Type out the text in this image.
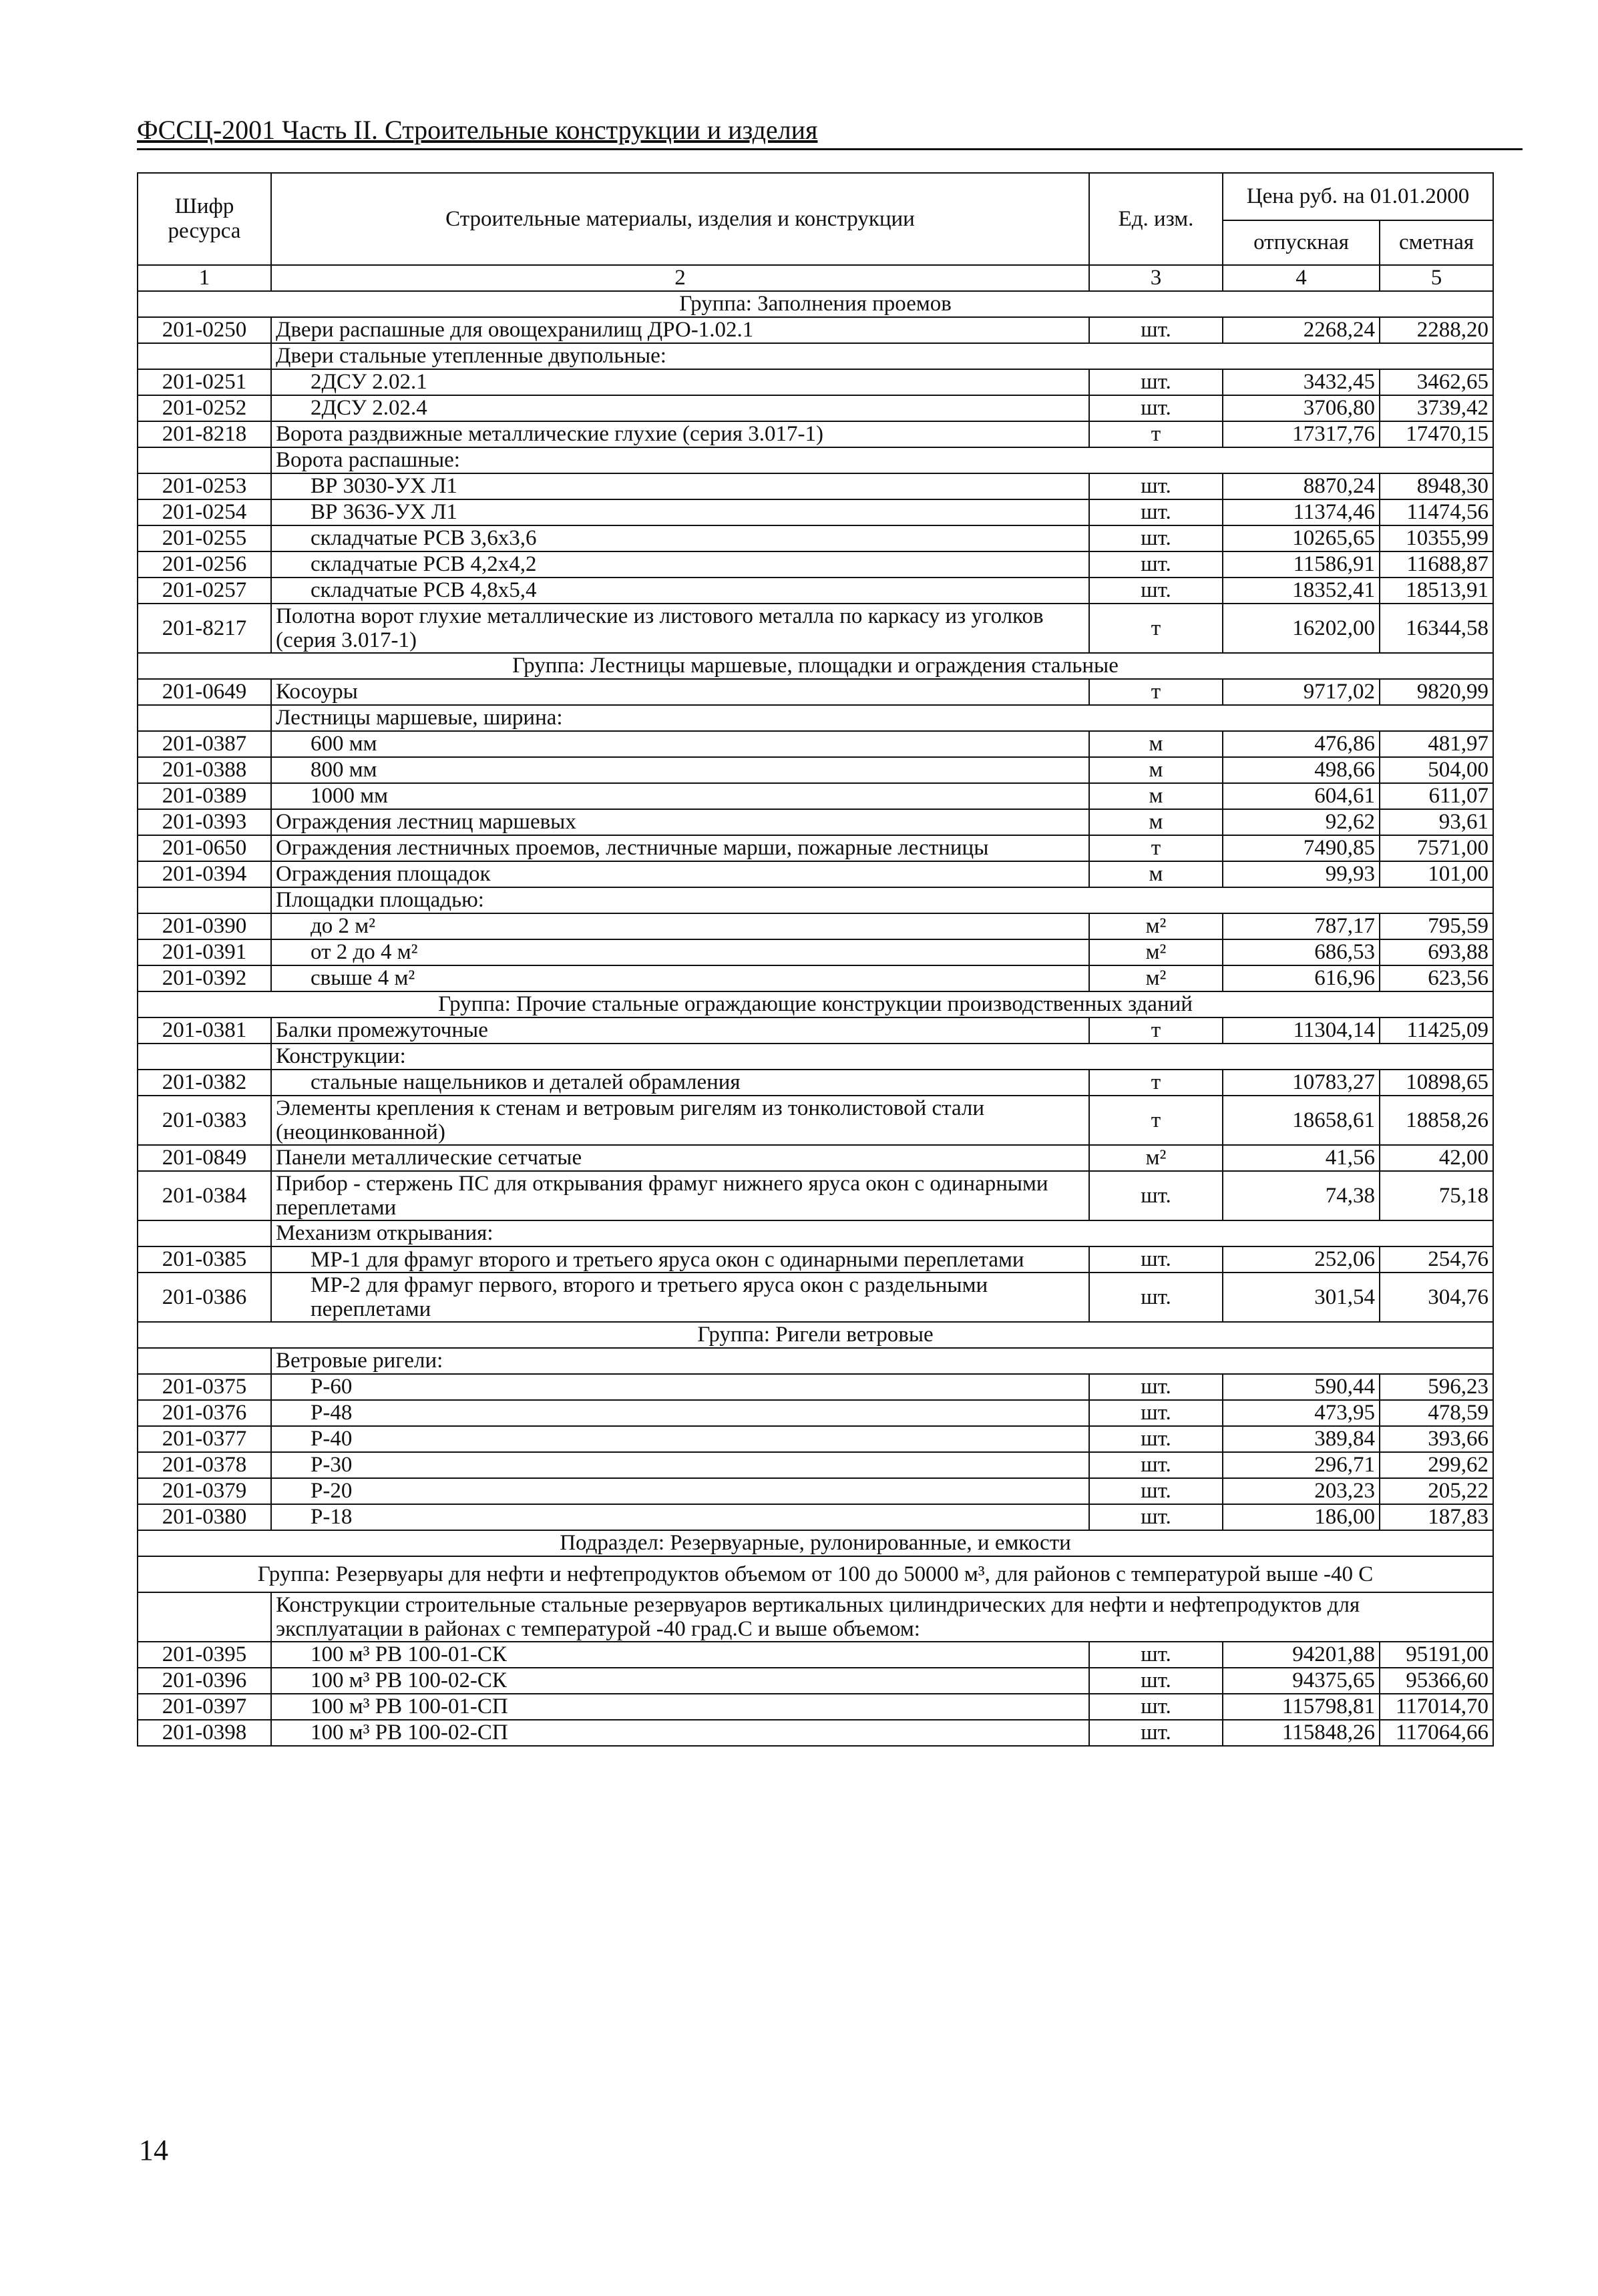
ФССЦ-2001 Часть II. Строительные конструкции и изделия
Шифр ресурса	Строительные материалы, изделия и конструкции	Ед. изм.	Цена руб. на 01.01.2000	
			отпускная	сметная
1	2	3	4	5
Группа: Заполнения проемов				
201-0250	Двери распашные для овощехранилищ ДРО-1.02.1	шт.	2268,24	2288,20
	Двери стальные утепленные двупольные:			
201-0251	2ДСУ 2.02.1	шт.	3432,45	3462,65
201-0252	2ДСУ 2.02.4	шт.	3706,80	3739,42
201-8218	Ворота раздвижные металлические глухие (серия 3.017-1)	т	17317,76	17470,15
	Ворота распашные:			
201-0253	ВР 3030-УХ Л1	шт.	8870,24	8948,30
201-0254	ВР 3636-УХ Л1	шт.	11374,46	11474,56
201-0255	складчатые РСВ 3,6х3,6	шт.	10265,65	10355,99
201-0256	складчатые РСВ 4,2х4,2	шт.	11586,91	11688,87
201-0257	складчатые РСВ 4,8х5,4	шт.	18352,41	18513,91
201-8217	Полотна ворот глухие металлические из листового металла по каркасу из уголков (серия 3.017-1)	т	16202,00	16344,58
Группа: Лестницы маршевые, площадки и ограждения стальные				
201-0649	Косоуры	т	9717,02	9820,99
	Лестницы маршевые, ширина:			
201-0387	600 мм	м	476,86	481,97
201-0388	800 мм	м	498,66	504,00
201-0389	1000 мм	м	604,61	611,07
201-0393	Ограждения лестниц маршевых	м	92,62	93,61
201-0650	Ограждения лестничных проемов, лестничные марши, пожарные лестницы	т	7490,85	7571,00
201-0394	Ограждения площадок	м	99,93	101,00
	Площадки площадью:			
201-0390	до 2 м²	м²	787,17	795,59
201-0391	от 2 до 4 м²	м²	686,53	693,88
201-0392	свыше 4 м²	м²	616,96	623,56
Группа: Прочие стальные ограждающие конструкции производственных зданий				
201-0381	Балки промежуточные	т	11304,14	11425,09
	Конструкции:			
201-0382	стальные нащельников и деталей обрамления	т	10783,27	10898,65
201-0383	Элементы крепления к стенам и ветровым ригелям из тонколистовой стали (неоцинкованной)	т	18658,61	18858,26
201-0849	Панели металлические сетчатые	м²	41,56	42,00
201-0384	Прибор - стержень ПС для открывания фрамуг нижнего яруса окон с одинарными переплетами	шт.	74,38	75,18
	Механизм открывания:			
201-0385	МР-1 для фрамуг второго и третьего яруса окон с одинарными переплетами	шт.	252,06	254,76
201-0386	МР-2 для фрамуг первого, второго и третьего яруса окон с раздельными переплетами	шт.	301,54	304,76
Группа: Ригели ветровые				
	Ветровые ригели:			
201-0375	Р-60	шт.	590,44	596,23
201-0376	Р-48	шт.	473,95	478,59
201-0377	Р-40	шт.	389,84	393,66
201-0378	Р-30	шт.	296,71	299,62
201-0379	Р-20	шт.	203,23	205,22
201-0380	Р-18	шт.	186,00	187,83
Подраздел: Резервуарные, рулонированные, и емкости				
Группа: Резервуары для нефти и нефтепродуктов объемом от 100 до 50000 м³, для районов с температурой выше -40 С				
	Конструкции строительные стальные резервуаров вертикальных цилиндрических для нефти и нефтепродуктов для эксплуатации в районах с температурой -40 град.С и выше объемом:			
201-0395	100 м³ РВ 100-01-СК	шт.	94201,88	95191,00
201-0396	100 м³ РВ 100-02-СК	шт.	94375,65	95366,60
201-0397	100 м³ РВ 100-01-СП	шт.	115798,81	117014,70
201-0398	100 м³ РВ 100-02-СП	шт.	115848,26	117064,66
14
